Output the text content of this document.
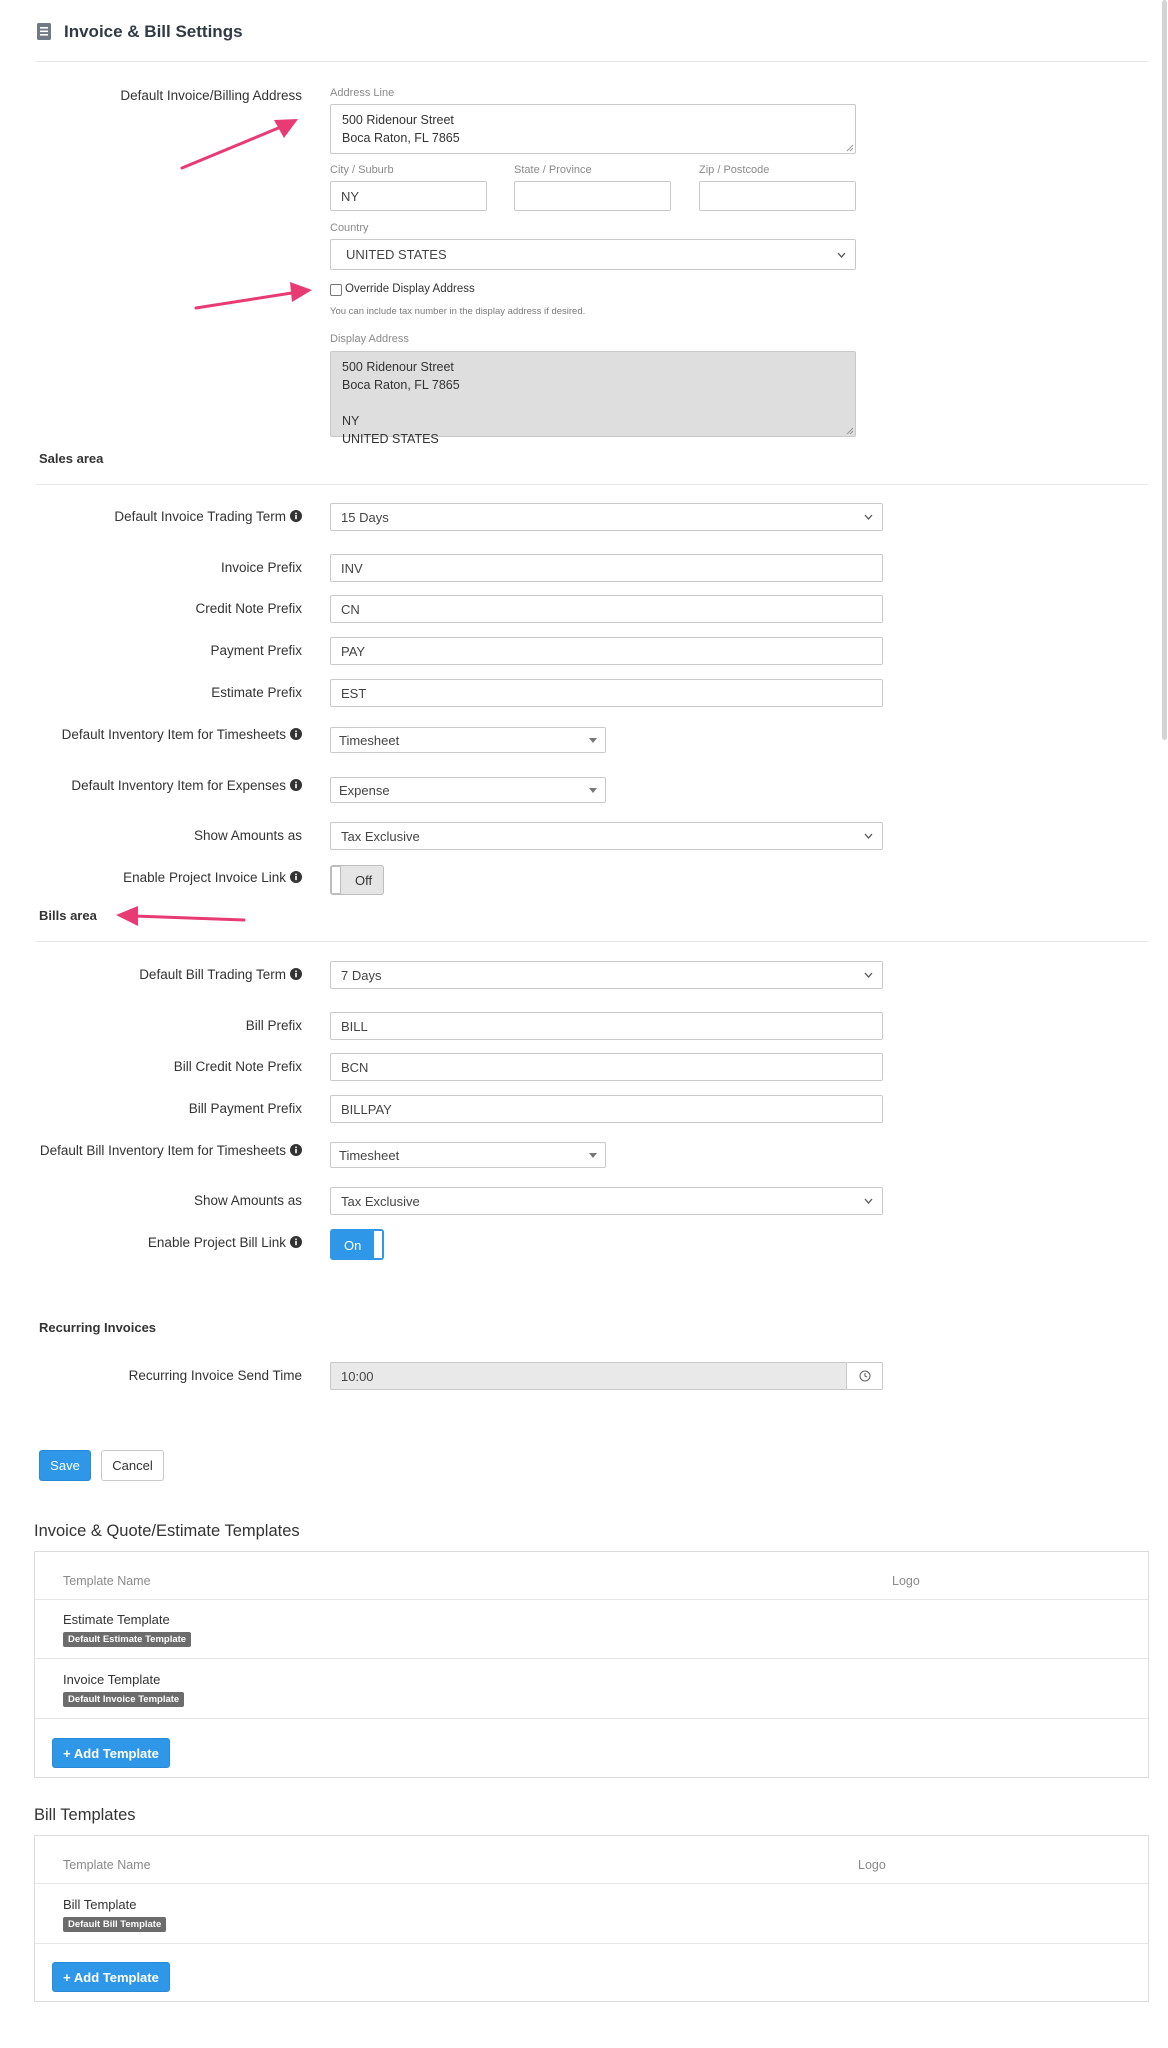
Invoice & Bill Settings
Default Invoice/Billing Address	Address Line
500 Ridenour Street
Boca Raton, FL 7865
City / Suburb
NY
State / Province	Zip / Postcode
Country
UNITED STATES
Override Display Address
You can include tax number in the display address if desired.
Display Address
500 Ridenour Street
Boca Raton, FL 7865

NY
UNITED STATES
Sales area
Default Invoice Trading Term	15 Days
Invoice Prefix	INV
Credit Note Prefix	CN
Payment Prefix	PAY
Estimate Prefix	EST
Default Inventory Item for Timesheets	Timesheet
Default Inventory Item for Expenses	Expense
Show Amounts as	Tax Exclusive
Enable Project Invoice Link	Off
Bills area
Default Bill Trading Term	7 Days
Bill Prefix	BILL
Bill Credit Note Prefix	BCN
Bill Payment Prefix	BILLPAY
Default Bill Inventory Item for Timesheets	Timesheet
Show Amounts as	Tax Exclusive
Enable Project Bill Link	On
Recurring Invoices
Recurring Invoice Send Time	10:00
Save	Cancel
Invoice & Quote/Estimate Templates
Template Name	Logo
Estimate Template
Default Estimate Template
Invoice Template
Default Invoice Template
+ Add Template
Bill Templates
Template Name	Logo
Bill Template
Default Bill Template
+ Add Template
